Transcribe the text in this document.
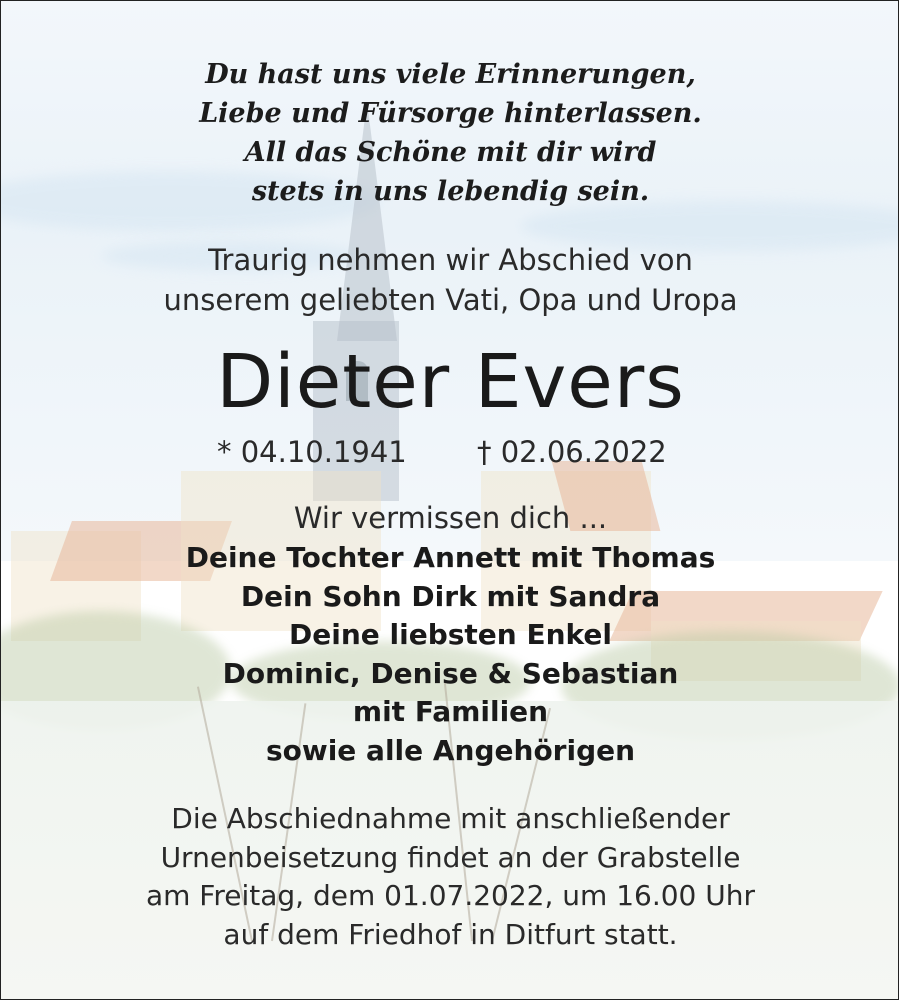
Du hast uns viele Erinnerungen,
Liebe und Fürsorge hinterlassen.
All das Schöne mit dir wird
stets in uns lebendig sein.
Traurig nehmen wir Abschied von
unserem geliebten Vati, Opa und Uropa
Dieter Evers
* 04.10.1941 † 02.06.2022
Wir vermissen dich ...
Deine Tochter Annett mit Thomas
Dein Sohn Dirk mit Sandra
Deine liebsten Enkel
Dominic, Denise & Sebastian
mit Familien
sowie alle Angehörigen
Die Abschiednahme mit anschließender
Urnenbeisetzung findet an der Grabstelle
am Freitag, dem 01.07.2022, um 16.00 Uhr
auf dem Friedhof in Ditfurt statt.
